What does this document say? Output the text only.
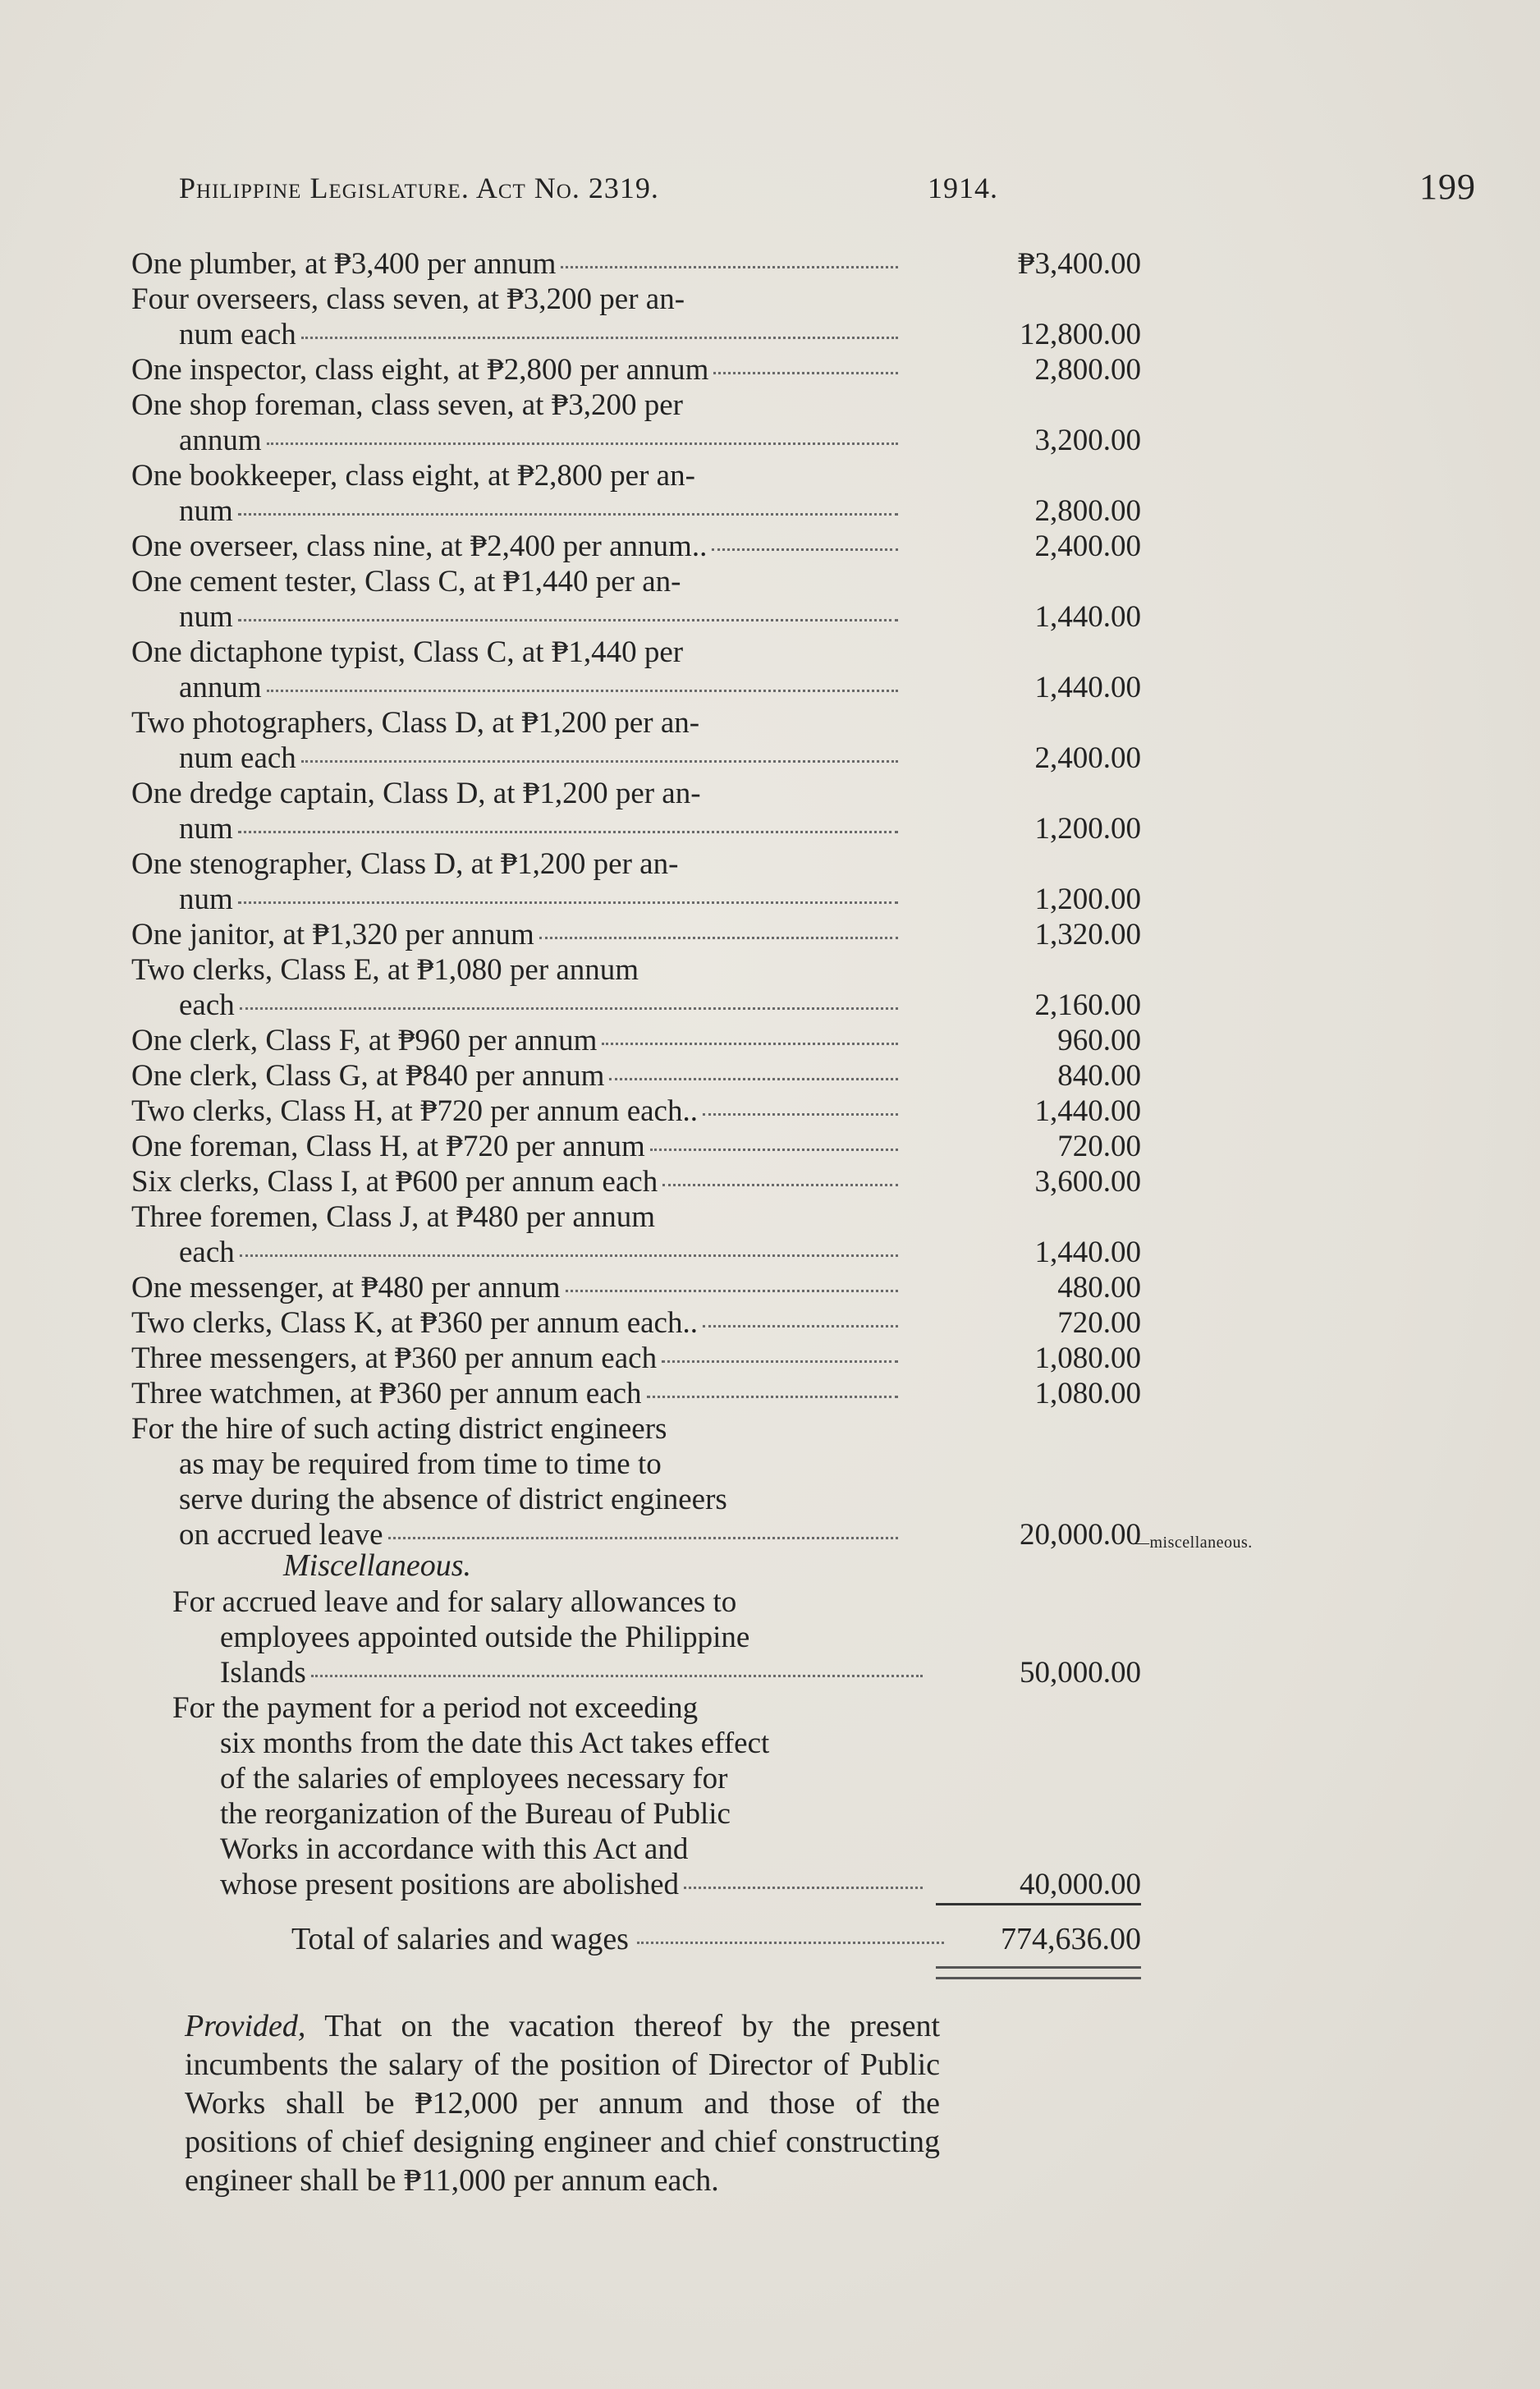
Philippine Legislature. Act No. 2319.	1914.	199
One plumber, at ₱3,400 per annum	₱3,400.00
Four overseers, class seven, at ₱3,200 per an-
num each	12,800.00
One inspector, class eight, at ₱2,800 per annum	2,800.00
One shop foreman, class seven, at ₱3,200 per
annum	3,200.00
One bookkeeper, class eight, at ₱2,800 per an-
num	2,800.00
One overseer, class nine, at ₱2,400 per annum..	2,400.00
One cement tester, Class C, at ₱1,440 per an-
num	1,440.00
One dictaphone typist, Class C, at ₱1,440 per
annum	1,440.00
Two photographers, Class D, at ₱1,200 per an-
num each	2,400.00
One dredge captain, Class D, at ₱1,200 per an-
num	1,200.00
One stenographer, Class D, at ₱1,200 per an-
num	1,200.00
One janitor, at ₱1,320 per annum	1,320.00
Two clerks, Class E, at ₱1,080 per annum
each	2,160.00
One clerk, Class F, at ₱960 per annum	960.00
One clerk, Class G, at ₱840 per annum	840.00
Two clerks, Class H, at ₱720 per annum each..	1,440.00
One foreman, Class H, at ₱720 per annum	720.00
Six clerks, Class I, at ₱600 per annum each	3,600.00
Three foremen, Class J, at ₱480 per annum
each	1,440.00
One messenger, at ₱480 per annum	480.00
Two clerks, Class K, at ₱360 per annum each..	720.00
Three messengers, at ₱360 per annum each	1,080.00
Three watchmen, at ₱360 per annum each	1,080.00
For the hire of such acting district engineers
as may be required from time to time to
serve during the absence of district engineers
on accrued leave	20,000.00
Miscellaneous.
—miscellaneous.
For accrued leave and for salary allowances to
employees appointed outside the Philippine
Islands	50,000.00
For the payment for a period not exceeding
six months from the date this Act takes effect
of the salaries of employees necessary for
the reorganization of the Bureau of Public
Works in accordance with this Act and
whose present positions are abolished	40,000.00
Total of salaries and wages	774,636.00
Provided, That on the vacation thereof by the present incumbents the salary of the position of Director of Public Works shall be ₱12,000 per annum and those of the positions of chief designing engineer and chief constructing engineer shall be ₱11,000 per annum each.
